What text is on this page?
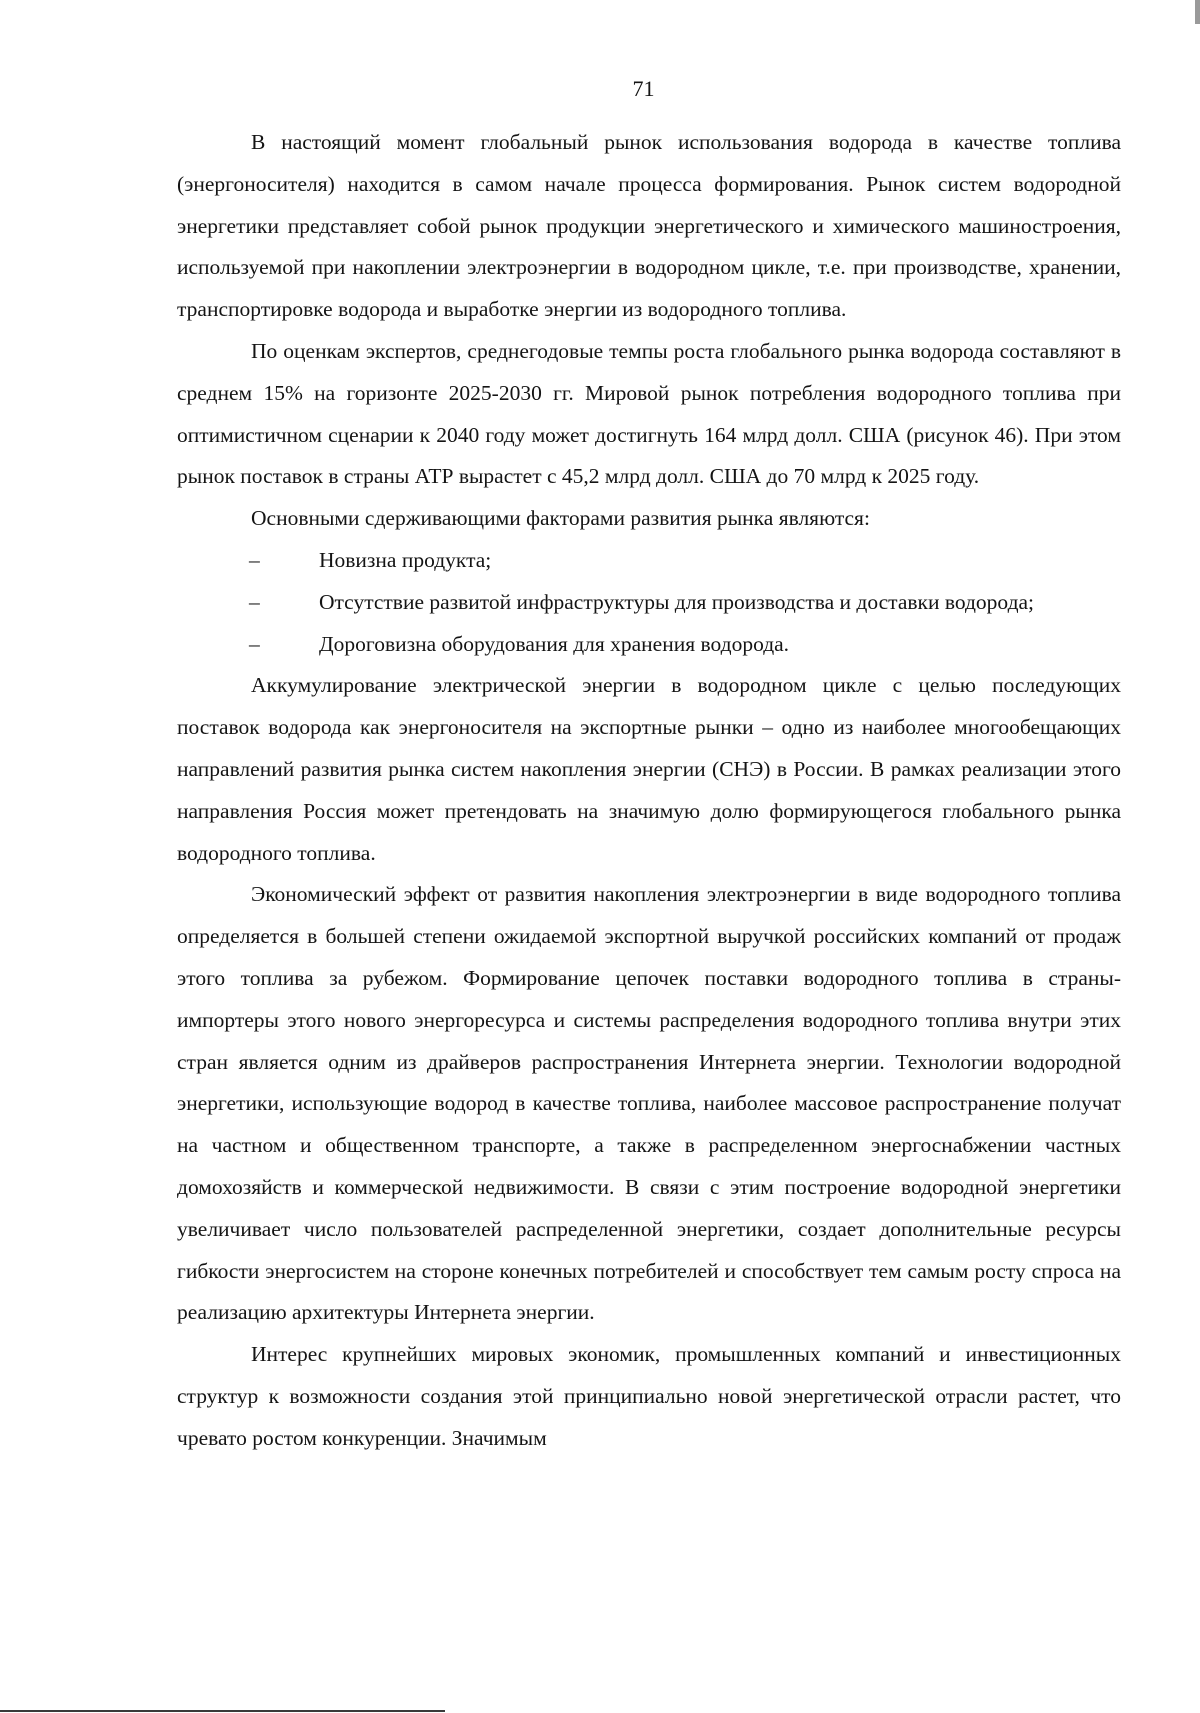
71

В настоящий момент глобальный рынок использования водорода в качестве топлива (энергоносителя) находится в самом начале процесса формирования. Рынок систем водородной энергетики представляет собой рынок продукции энергетического и химического машиностроения, используемой при накоплении электроэнергии в водородном цикле, т.е. при производстве, хранении, транспортировке водорода и выработке энергии из водородного топлива.

По оценкам экспертов, среднегодовые темпы роста глобального рынка водорода составляют в среднем 15% на горизонте 2025-2030 гг. Мировой рынок потребления водородного топлива при оптимистичном сценарии к 2040 году может достигнуть 164 млрд долл. США (рисунок 46). При этом рынок поставок в страны АТР вырастет с 45,2 млрд долл. США до 70 млрд к 2025 году.

Основными сдерживающими факторами развития рынка являются:

–	Новизна продукта;
–	Отсутствие развитой инфраструктуры для производства и доставки водорода;
–	Дороговизна оборудования для хранения водорода.

Аккумулирование электрической энергии в водородном цикле с целью последующих поставок водорода как энергоносителя на экспортные рынки – одно из наиболее многообещающих направлений развития рынка систем накопления энергии (СНЭ) в России. В рамках реализации этого направления Россия может претендовать на значимую долю формирующегося глобального рынка водородного топлива.

Экономический эффект от развития накопления электроэнергии в виде водородного топлива определяется в большей степени ожидаемой экспортной выручкой российских компаний от продаж этого топлива за рубежом. Формирование цепочек поставки водородного топлива в страны-импортеры этого нового энергоресурса и системы распределения водородного топлива внутри этих стран является одним из драйверов распространения Интернета энергии. Технологии водородной энергетики, использующие водород в качестве топлива, наиболее массовое распространение получат на частном и общественном транспорте, а также в распределенном энергоснабжении частных домохозяйств и коммерческой недвижимости. В связи с этим построение водородной энергетики увеличивает число пользователей распределенной энергетики, создает дополнительные ресурсы гибкости энергосистем на стороне конечных потребителей и способствует тем самым росту спроса на реализацию архитектуры Интернета энергии.

Интерес крупнейших мировых экономик, промышленных компаний и инвестиционных структур к возможности создания этой принципиально новой энергетической отрасли растет, что чревато ростом конкуренции. Значимым
